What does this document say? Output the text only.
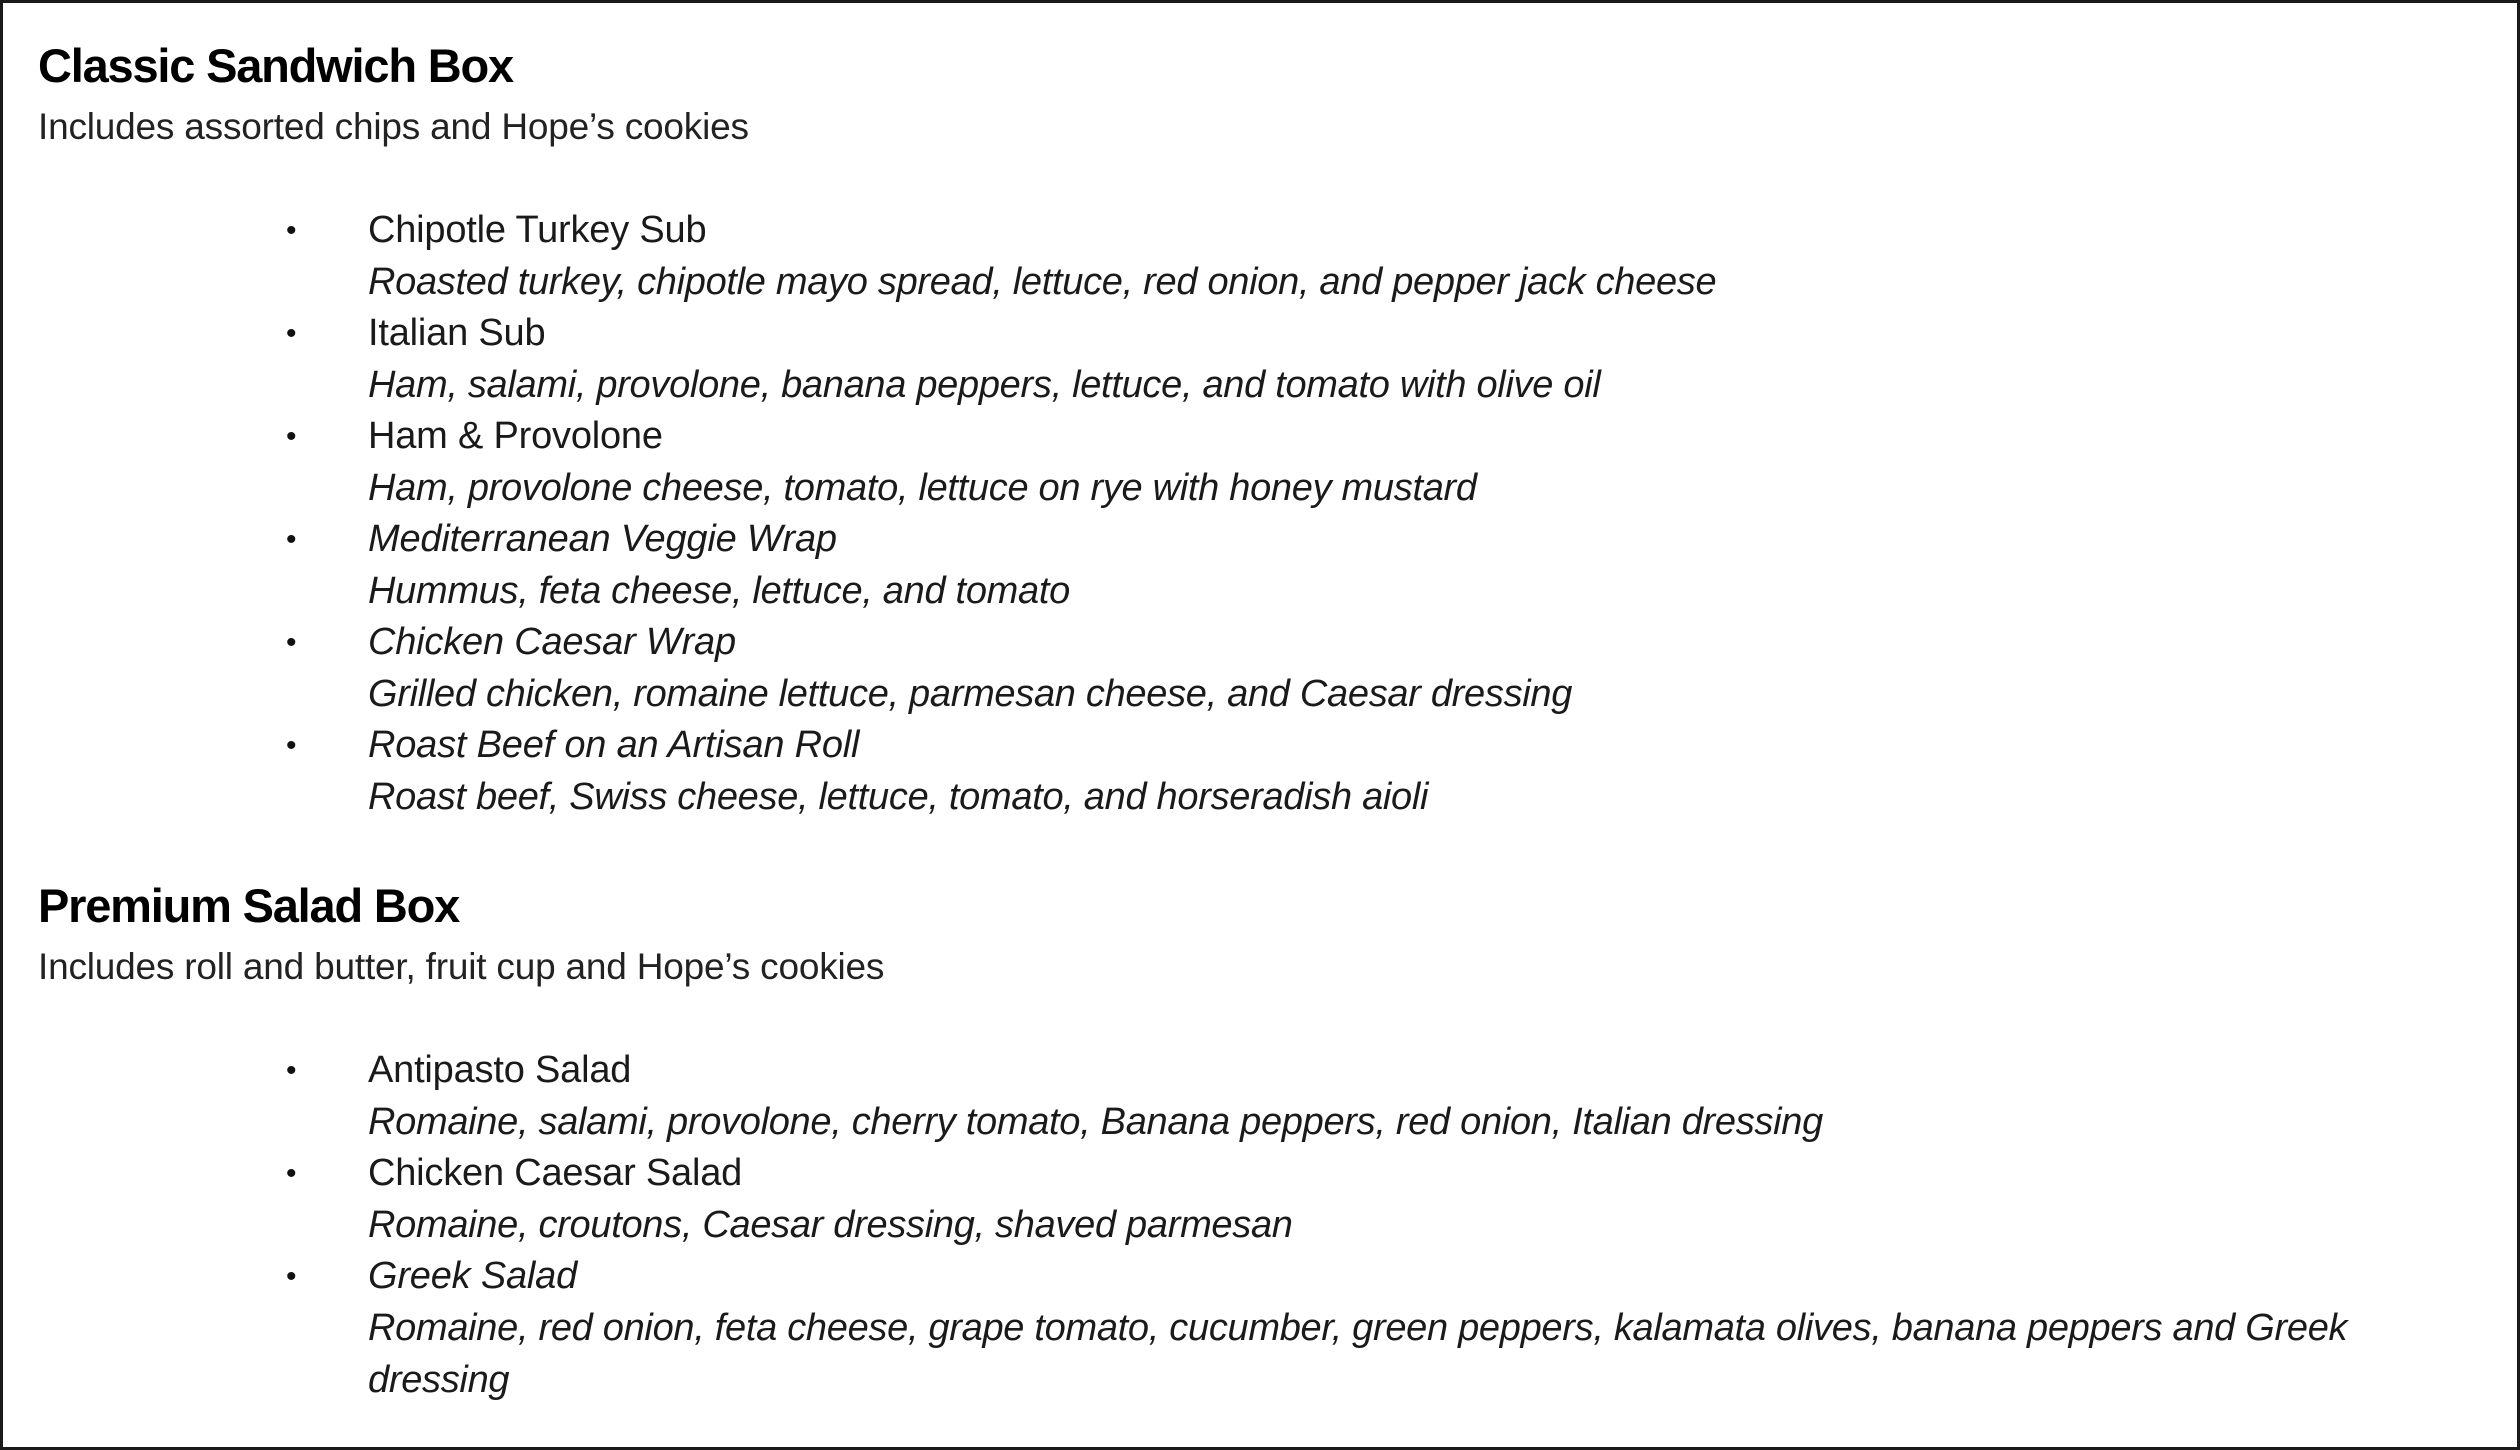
Classic Sandwich Box

Includes assorted chips and Hope’s cookies

• Chipotle Turkey Sub
Roasted turkey, chipotle mayo spread, lettuce, red onion, and pepper jack cheese
• Italian Sub
Ham, salami, provolone, banana peppers, lettuce, and tomato with olive oil
• Ham & Provolone
Ham, provolone cheese, tomato, lettuce on rye with honey mustard
• Mediterranean Veggie Wrap
Hummus, feta cheese, lettuce, and tomato
• Chicken Caesar Wrap
Grilled chicken, romaine lettuce, parmesan cheese, and Caesar dressing
• Roast Beef on an Artisan Roll
Roast beef, Swiss cheese, lettuce, tomato, and horseradish aioli
Premium Salad Box

Includes roll and butter, fruit cup and Hope’s cookies

• Antipasto Salad
Romaine, salami, provolone, cherry tomato, Banana peppers, red onion, Italian dressing
• Chicken Caesar Salad
Romaine, croutons, Caesar dressing, shaved parmesan
• Greek Salad
Romaine, red onion, feta cheese, grape tomato, cucumber, green peppers, kalamata olives, banana peppers and Greek dressing
